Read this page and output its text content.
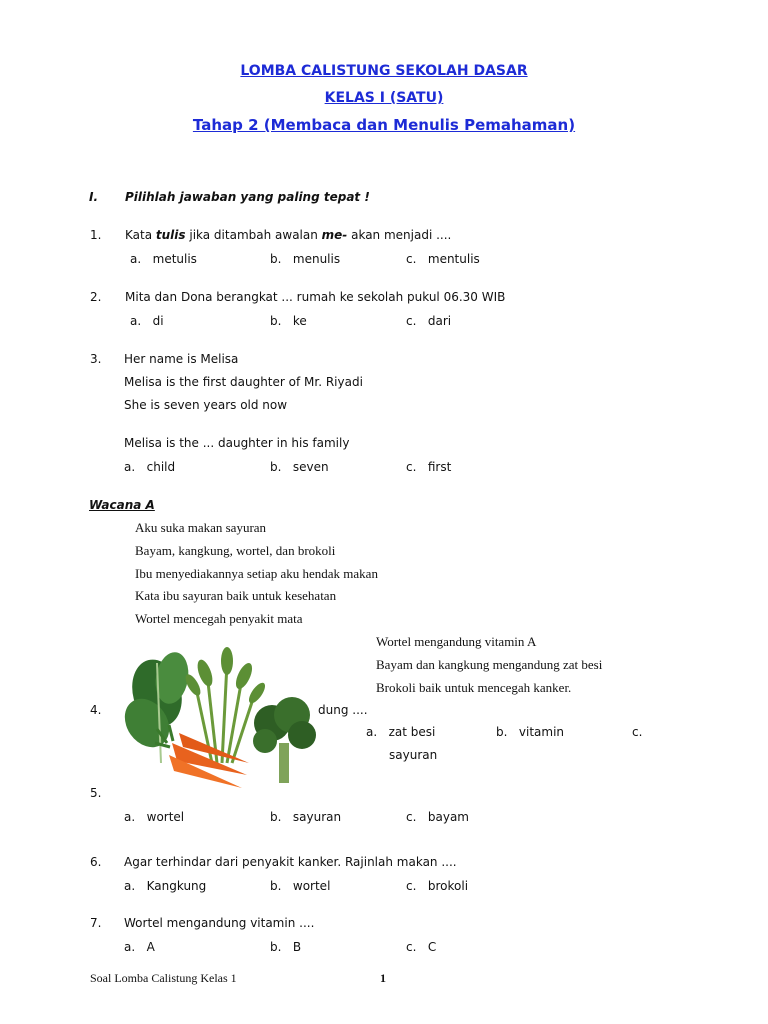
LOMBA CALISTUNG SEKOLAH DASAR
KELAS I (SATU)
Tahap 2 (Membaca dan Menulis Pemahaman)
I. Pilihlah jawaban yang paling tepat !
1. Kata tulis jika ditambah awalan me- akan menjadi ....
a. metulis	b. menulis	c. mentulis
2. Mita dan Dona berangkat ... rumah ke sekolah pukul 06.30 WIB
a. di	b. ke	c. dari
3. Her name is Melisa
Melisa is the first daughter of Mr. Riyadi
She is seven years old now
Melisa is the ... daughter in his family
a. child	b. seven	c. first
Wacana A
Aku suka makan sayuran
Bayam, kangkung, wortel, dan brokoli
Ibu menyediakannya setiap aku hendak makan
Kata ibu sayuran baik untuk kesehatan
Wortel mencegah penyakit mata
Wortel mengandung vitamin A
Bayam dan kangkung mengandung zat besi
Brokoli baik untuk mencegah kanker.
4.	dung ....
a. zat besi	b. vitamin	c.
sayuran
5.
a. wortel	b. sayuran	c. bayam
6. Agar terhindar dari penyakit kanker. Rajinlah makan ....
a. Kangkung	b. wortel	c. brokoli
7. Wortel mengandung vitamin ....
a. A	b. B	c. C
Soal Lomba Calistung Kelas 1	1
